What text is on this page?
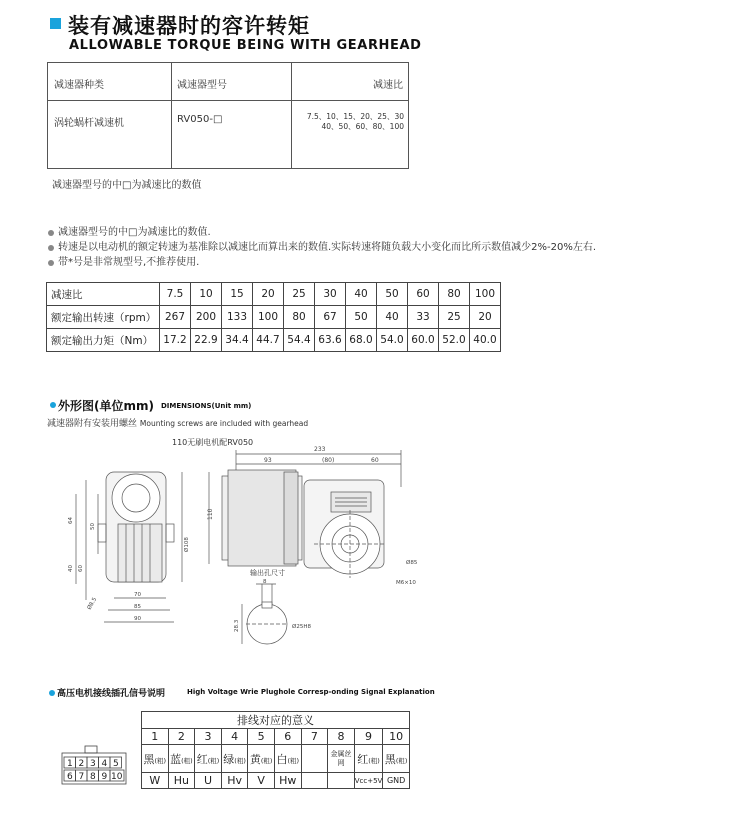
装有减速器时的容许转矩
ALLOWABLE TORQUE BEING WITH GEARHEAD
减速器种类	减速器型号	减速比
涡轮蜗杆减速机	RV050-□	7.5、10、15、20、25、30
40、50、60、80、100
减速器型号的中□为减速比的数值
减速器型号的中□为减速比的数值.
转速是以电动机的额定转速为基准除以减速比而算出来的数值.实际转速将随负载大小变化而比所示数值减少2%-20%左右.
带*号是非常规型号,不推荐使用.
减速比	7.5	10	15	20	25	30	40	50	60	80	100
额定输出转速（rpm）	267	200	133	100	80	67	50	40	33	25	20
额定输出力矩（Nm）	17.2	22.9	34.4	44.7	54.4	63.6	68.0	54.0	60.0	52.0	40.0
外形图(单位mm) DIMENSIONS(Unit mm)
减速器附有安装用螺丝 Mounting screws are included with gearhead
110无刷电机配RV050
233
93	(80)	60
110
Ø85
M6×10
64
50
40 60
Ø8.5
Ø108
70
85
90
输出孔尺寸
8
28.3	Ø25H8
高压电机接线插孔信号说明	High Voltage Wrie Plughole Corresp-onding Signal Explanation
1 2 3 4 5
6 7 8 9 10
排线对应的意义									
1	2	3	4	5	6	7	8	9	10
黑(粗)	蓝(粗)	红(粗)	绿(粗)	黄(粗)	白(粗)		金属丝网	红(粗)	黑(粗)
W	Hu	U	Hv	V	Hw			Vcc+5V	GND
